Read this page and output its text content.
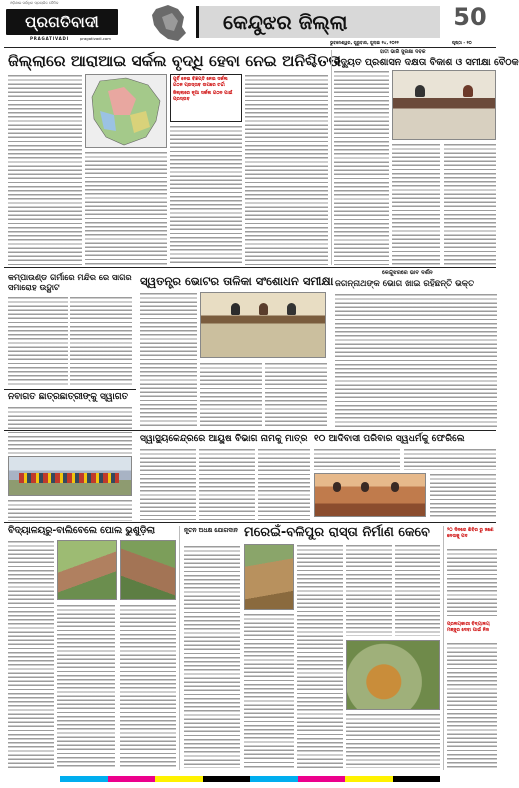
ଓଡ଼ିଶାର ସର୍ବାଧିକ ପ୍ରଚାରିତ ଦୈନିକ
ପ୍ରଗତିବାଦୀ
PRAGATIVADI	pragativadi.com
କେନ୍ଦୁଝର ଜିଲ୍ଲା	50
ଭୁବନେଶ୍ୱର, ଗୁରୁବାର, ଜୁଲାଇ ୧୪, ୨୦୨୨	ପୃଷ୍ଠା - ୧୦
ଜିଲ୍ଲାରେ ଆରାଆଇ ସର୍କଲ ବୃଦ୍ଧି ହେବା ନେଇ ଅନିଶ୍ଚିତତା
ପୁର୍ବି ନେଇ ବିଜ୍ଞପ୍ତି ନେଇ ସର୍କଲ ଗଠନ ପ୍ରସ୍ତାବ ଉପରେ ଚର୍ଚ୍ଚା
ଜିଲ୍ଲାରେ ନୂଆ ସର୍କଲ ଗଠନ ପାଇଁ ପ୍ରସ୍ତାବ
ହାତୀ ଭାରି ସୁରକ୍ଷା ଦବକ
ବିଦ୍ୟୁତ ପ୍ରଶାସନ ଦକ୍ଷତା ବିକାଶ ଓ ସମୀକ୍ଷା ବୈଠକ
କମ୍ପାଉଣ୍ଡ ଗର୍ମାରେ ମନ୍ଦିର ରେ ସାଗର ସମାରୋହ ଉଦ୍ଘାଟ	ସ୍ୱତନ୍ତ୍ର ଭୋଟର ତାଳିକା ସଂଶୋଧନ ସମୀକ୍ଷା
କେନ୍ଦୁଝରରେ ଭାବ ଦର୍ଶନ
ଜଗନ୍ନାଥଙ୍କ ଭୋଗ ଖାଇ ରହିଛନ୍ତି ଭକ୍ତ
ନବାଗତ ଛାତ୍ରଛାତ୍ରୀଙ୍କୁ ସ୍ୱାଗତ
ସ୍ୱାସ୍ଥ୍ୟକେନ୍ଦ୍ରରେ ଆୟୁଷ ବିଭାଗ ନାମକୁ ମାତ୍ର ୧୦ ଆଦିବାସୀ ପରିବାର ସ୍ୱଧର୍ମକୁ ଫେରିଲେ
ବିଦ୍ୟାଳୟରୁ-ବାଲିବେଲେ ପୋଲ ଭୁଶୁଡ଼ିଲା	ନୂତନ ଅଧକ୍ଷ ଯୋଗଦାନ ମରେଇଁ-ବଳିପୁର ରାସ୍ତା ନିର୍ମାଣ କେବେ	୨୦ ଦିନରେ ଶିବିର ରୁ ଜଣେ ନେତାକୁ ପଦ
ପ୍ରଳୟକାରୀ ବିଦ୍ୟାଳୟ ମଞ୍ଜୁର ଦେବା ପାଇଁ ନିଜ
